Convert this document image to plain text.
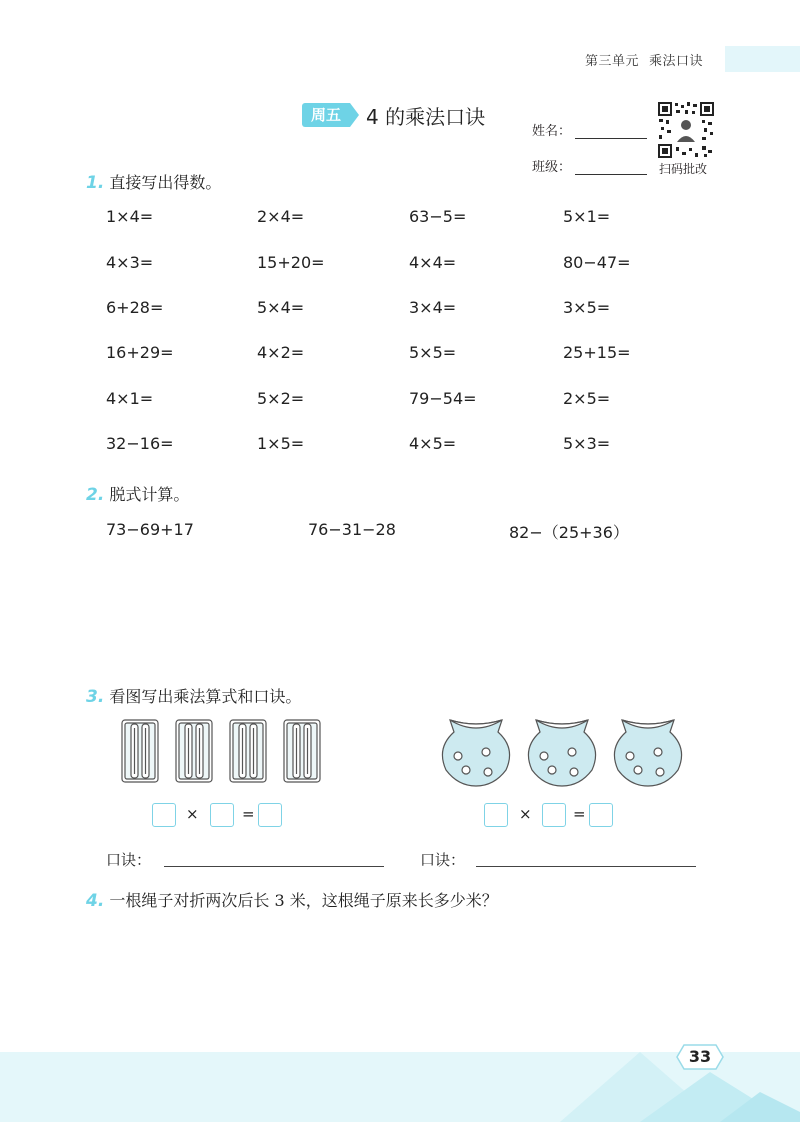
第三单元 乘法口诀
周五	4 的乘法口诀
姓名：
班级：	扫码批改
1. 直接写出得数。
1×4=	2×4=	63−5=	5×1=
4×3=	15+20=	4×4=	80−47=
6+28=	5×4=	3×4=	3×5=
16+29=	4×2=	5×5=	25+15=
4×1=	5×2=	79−54=	2×5=
32−16=	1×5=	4×5=	5×3=
2. 脱式计算。
73−69+17	76−31−28	82−（25+36）
3. 看图写出乘法算式和口诀。
×	=	×	=
口诀：	口诀：
4. 一根绳子对折两次后长 3 米，这根绳子原来长多少米？
33
